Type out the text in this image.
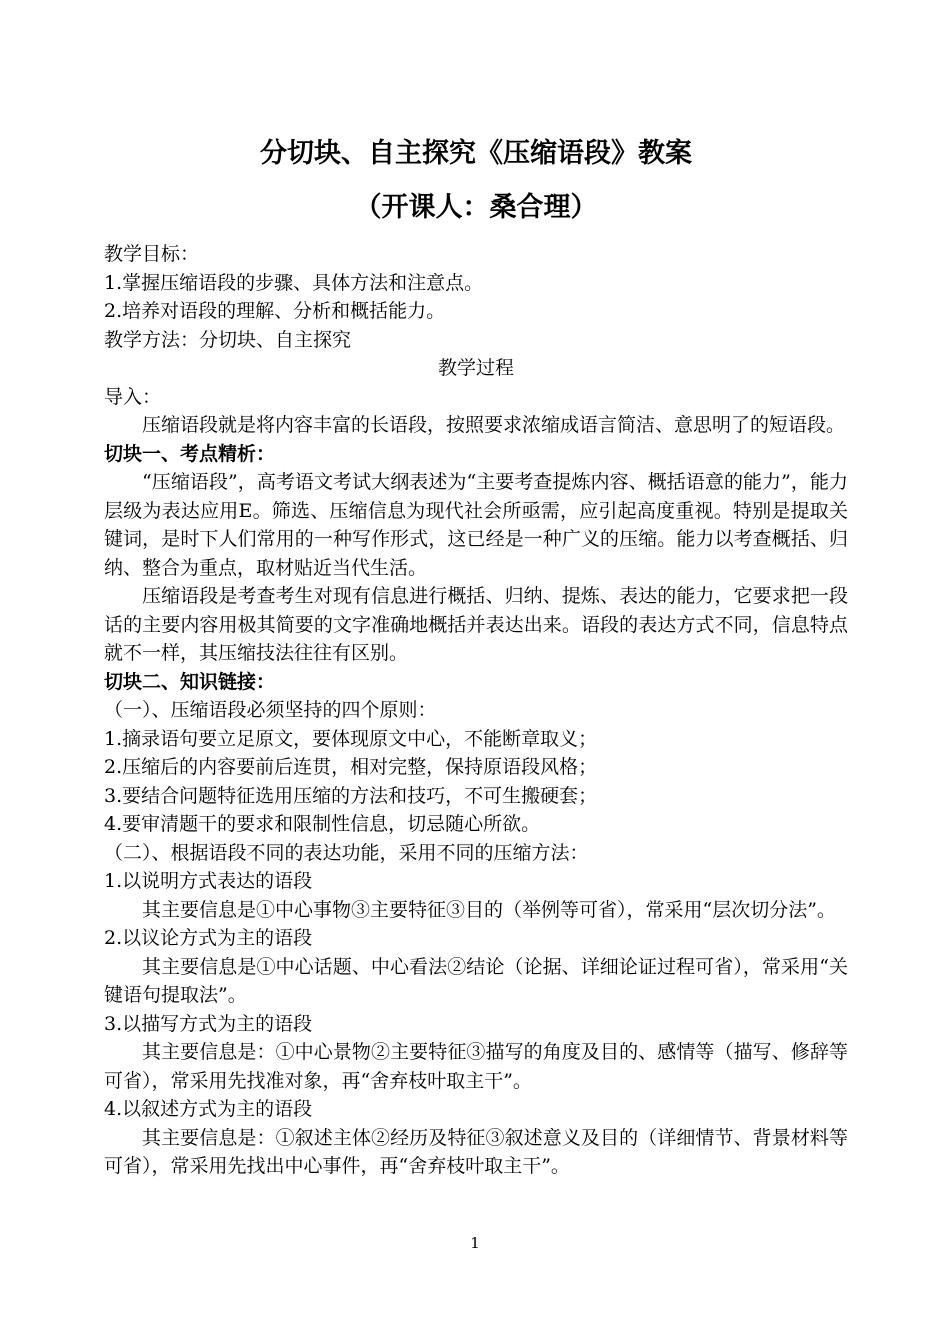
分切块、自主探究《压缩语段》教案
（开课人：桑合理）

教学目标：

1.掌握压缩语段的步骤、具体方法和注意点。

2.培养对语段的理解、分析和概括能力。

教学方法：分切块、自主探究

教学过程

导入：

压缩语段就是将内容丰富的长语段，按照要求浓缩成语言简洁、意思明了的短语段。

切块一、考点精析：

“压缩语段”，高考语文考试大纲表述为“主要考查提炼内容、概括语意的能力”，能力层级为表达应用E。筛选、压缩信息为现代社会所亟需，应引起高度重视。特别是提取关键词，是时下人们常用的一种写作形式，这已经是一种广义的压缩。能力以考查概括、归纳、整合为重点，取材贴近当代生活。

压缩语段是考查考生对现有信息进行概括、归纳、提炼、表达的能力，它要求把一段话的主要内容用极其简要的文字准确地概括并表达出来。语段的表达方式不同，信息特点就不一样，其压缩技法往往有区别。

切块二、知识链接：

（一）、压缩语段必须坚持的四个原则：

1.摘录语句要立足原文，要体现原文中心，不能断章取义；

2.压缩后的内容要前后连贯，相对完整，保持原语段风格；

3.要结合问题特征选用压缩的方法和技巧，不可生搬硬套；

4.要审清题干的要求和限制性信息，切忌随心所欲。

（二）、根据语段不同的表达功能，采用不同的压缩方法：

1.以说明方式表达的语段

其主要信息是①中心事物③主要特征③目的（举例等可省），常采用“层次切分法”。

2.以议论方式为主的语段

其主要信息是①中心话题、中心看法②结论（论据、详细论证过程可省），常采用“关键语句提取法”。

3.以描写方式为主的语段

其主要信息是：①中心景物②主要特征③描写的角度及目的、感情等（描写、修辞等可省），常采用先找准对象，再“舍弃枝叶取主干”。

4.以叙述方式为主的语段

其主要信息是：①叙述主体②经历及特征③叙述意义及目的（详细情节、背景材料等可省），常采用先找出中心事件，再“舍弃枝叶取主干”。

1
